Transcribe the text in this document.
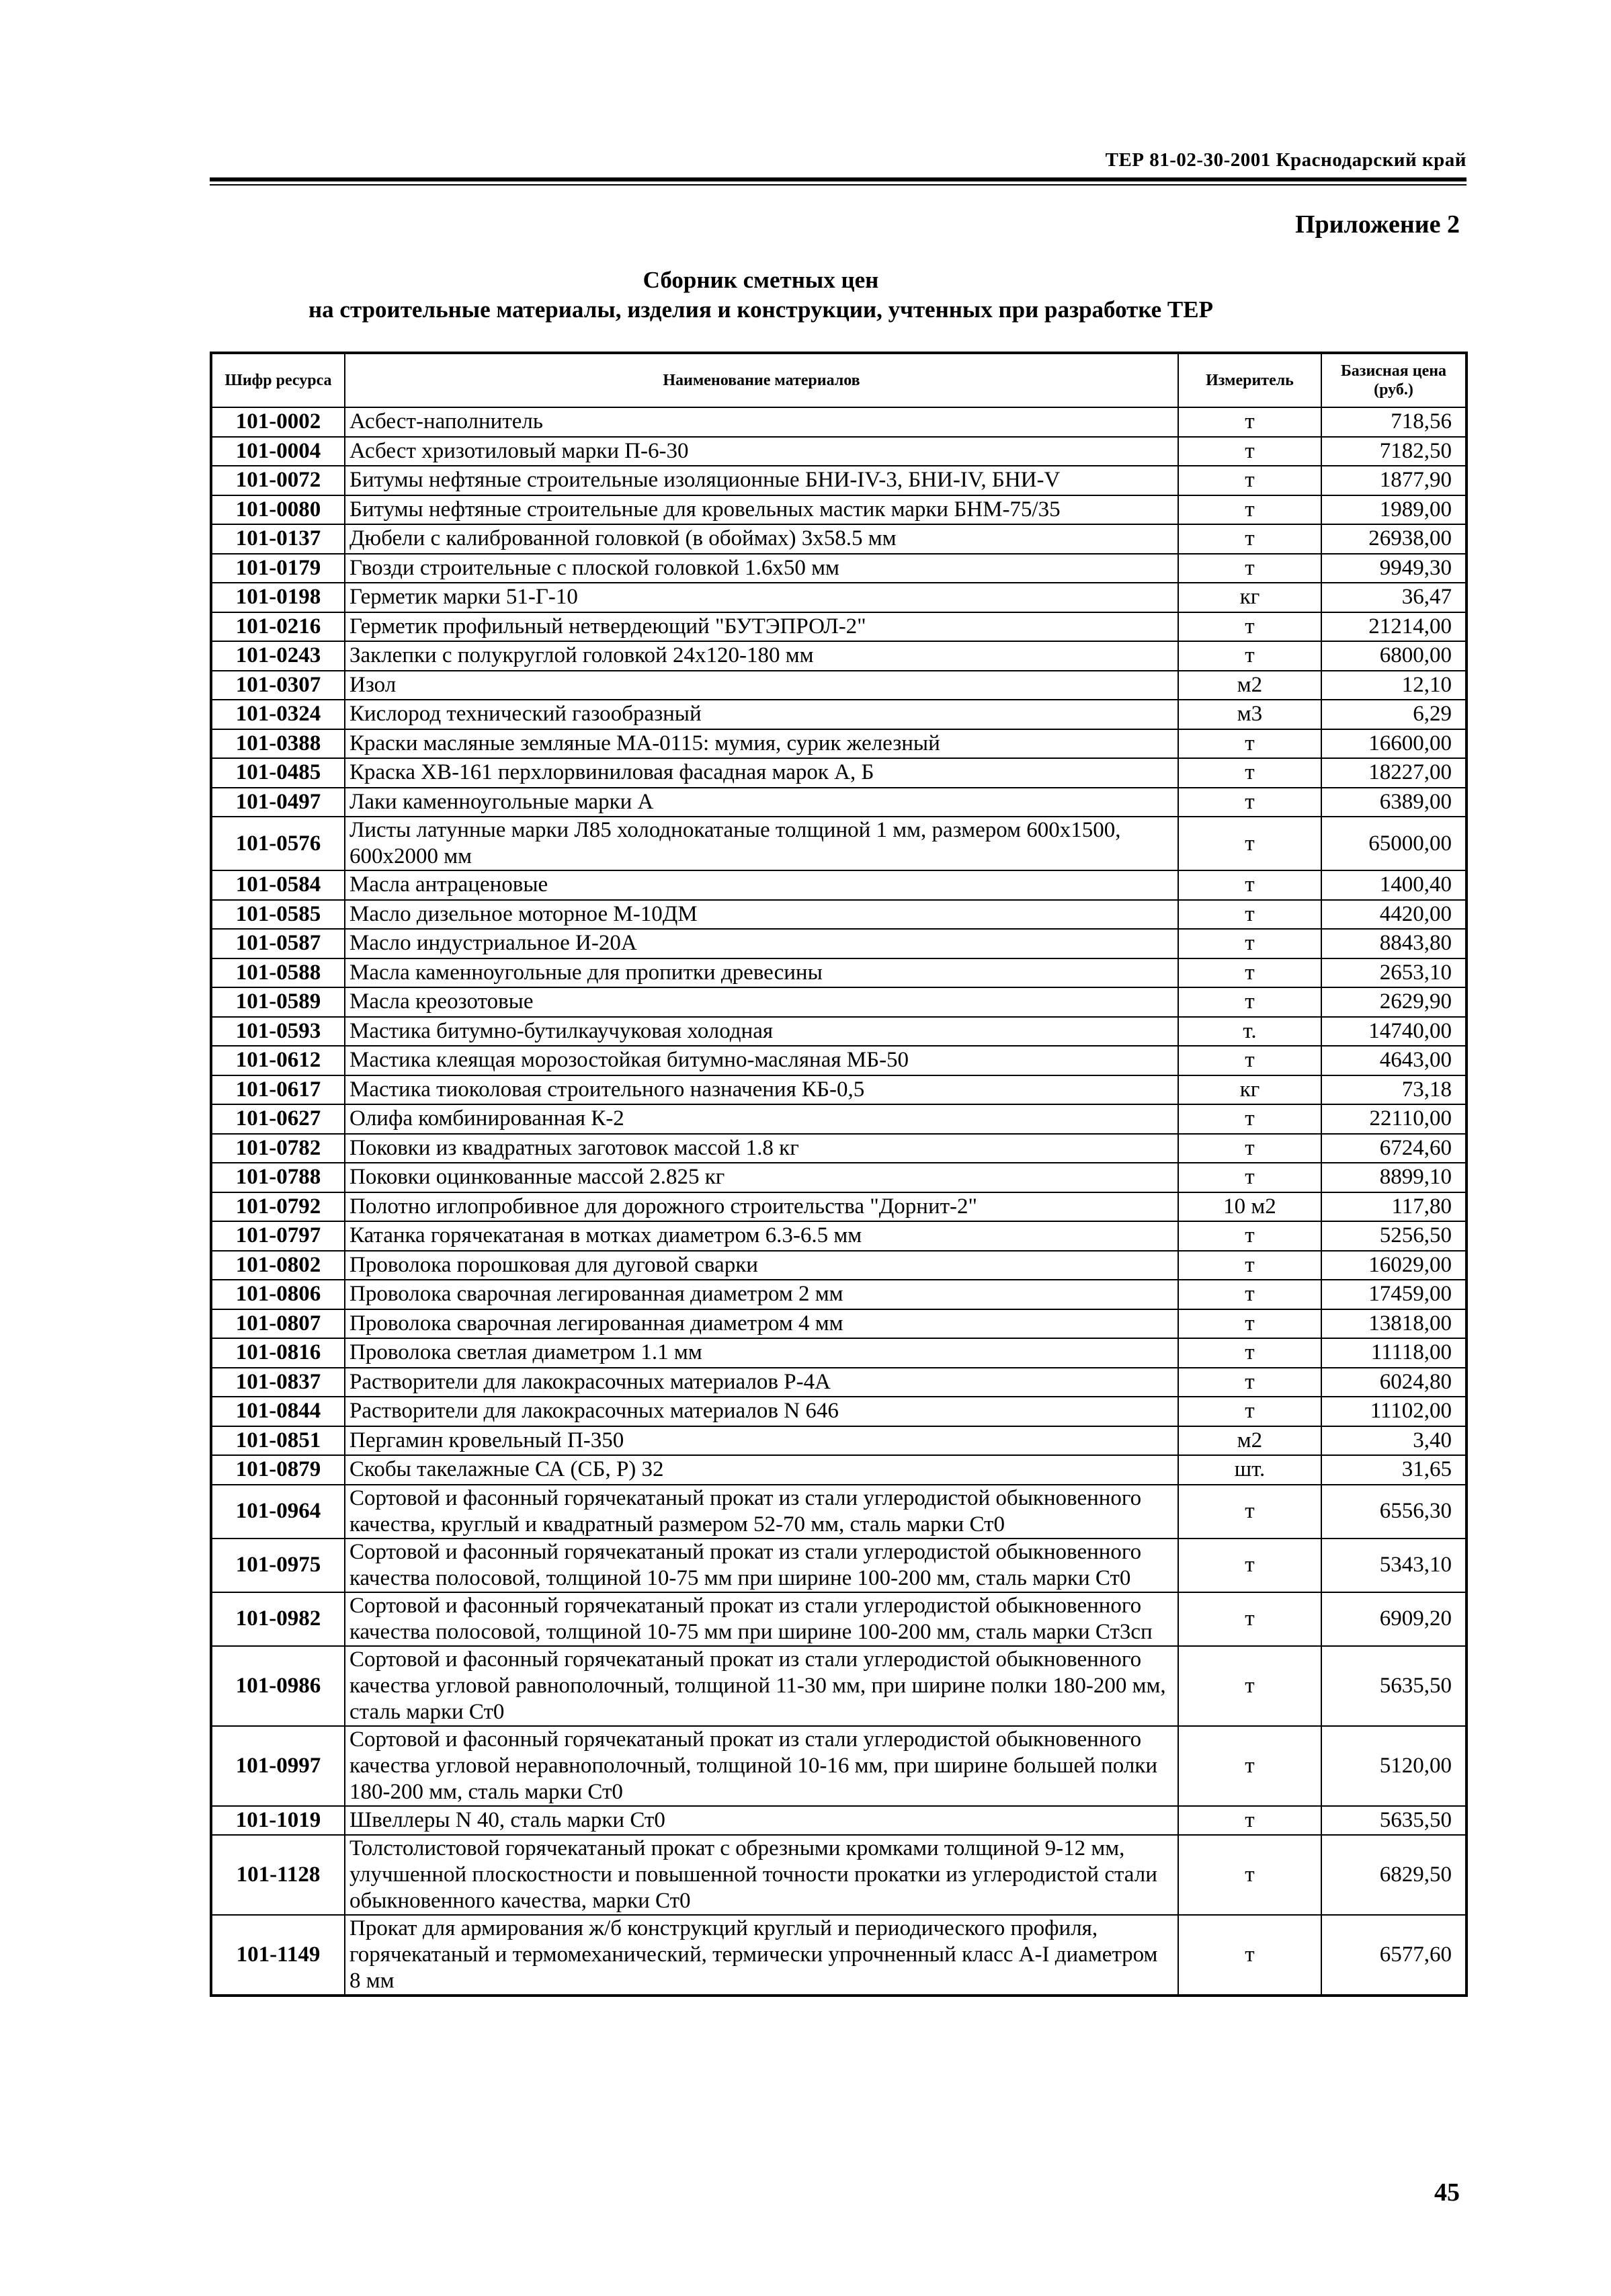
ТЕР 81-02-30-2001 Краснодарский край
Приложение 2
Сборник сметных цен
на строительные материалы, изделия и конструкции, учтенных при разработке ТЕР
Шифр ресурса	Наименование материалов	Измеритель	Базисная цена (руб.)
101-0002	Асбест-наполнитель	т	718,56
101-0004	Асбест хризотиловый марки П-6-30	т	7182,50
101-0072	Битумы нефтяные строительные изоляционные БНИ-IV-3, БНИ-IV, БНИ-V	т	1877,90
101-0080	Битумы нефтяные строительные для кровельных мастик марки БНМ-75/35	т	1989,00
101-0137	Дюбели с калиброванной головкой (в обоймах) 3х58.5 мм	т	26938,00
101-0179	Гвозди строительные с плоской головкой 1.6х50 мм	т	9949,30
101-0198	Герметик марки 51-Г-10	кг	36,47
101-0216	Герметик профильный нетвердеющий "БУТЭПРОЛ-2"	т	21214,00
101-0243	Заклепки с полукруглой головкой 24х120-180 мм	т	6800,00
101-0307	Изол	м2	12,10
101-0324	Кислород технический газообразный	м3	6,29
101-0388	Краски масляные земляные МА-0115: мумия, сурик железный	т	16600,00
101-0485	Краска ХВ-161 перхлорвиниловая фасадная марок А, Б	т	18227,00
101-0497	Лаки каменноугольные марки А	т	6389,00
101-0576	Листы латунные марки Л85 холоднокатаные толщиной 1 мм, размером 600х1500, 600х2000 мм	т	65000,00
101-0584	Масла антраценовые	т	1400,40
101-0585	Масло дизельное моторное М-10ДМ	т	4420,00
101-0587	Масло индустриальное И-20А	т	8843,80
101-0588	Масла каменноугольные для пропитки древесины	т	2653,10
101-0589	Масла креозотовые	т	2629,90
101-0593	Мастика битумно-бутилкаучуковая холодная	т.	14740,00
101-0612	Мастика клеящая морозостойкая битумно-масляная МБ-50	т	4643,00
101-0617	Мастика тиоколовая строительного назначения КБ-0,5	кг	73,18
101-0627	Олифа комбинированная К-2	т	22110,00
101-0782	Поковки из квадратных заготовок массой 1.8 кг	т	6724,60
101-0788	Поковки оцинкованные массой 2.825 кг	т	8899,10
101-0792	Полотно иглопробивное для дорожного строительства "Дорнит-2"	10 м2	117,80
101-0797	Катанка горячекатаная в мотках диаметром 6.3-6.5 мм	т	5256,50
101-0802	Проволока порошковая для дуговой сварки	т	16029,00
101-0806	Проволока сварочная легированная диаметром 2 мм	т	17459,00
101-0807	Проволока сварочная легированная диаметром 4 мм	т	13818,00
101-0816	Проволока светлая диаметром 1.1 мм	т	11118,00
101-0837	Растворители для лакокрасочных материалов Р-4А	т	6024,80
101-0844	Растворители для лакокрасочных материалов N 646	т	11102,00
101-0851	Пергамин кровельный П-350	м2	3,40
101-0879	Скобы такелажные СА (СБ, Р) 32	шт.	31,65
101-0964	Сортовой и фасонный горячекатаный прокат из стали углеродистой обыкновенного качества, круглый и квадратный размером 52-70 мм, сталь марки Ст0	т	6556,30
101-0975	Сортовой и фасонный горячекатаный прокат из стали углеродистой обыкновенного качества полосовой, толщиной 10-75 мм при ширине 100-200 мм, сталь марки Ст0	т	5343,10
101-0982	Сортовой и фасонный горячекатаный прокат из стали углеродистой обыкновенного качества полосовой, толщиной 10-75 мм при ширине 100-200 мм, сталь марки Ст3сп	т	6909,20
101-0986	Сортовой и фасонный горячекатаный прокат из стали углеродистой обыкновенного качества угловой равнополочный, толщиной 11-30 мм, при ширине полки 180-200 мм, сталь марки Ст0	т	5635,50
101-0997	Сортовой и фасонный горячекатаный прокат из стали углеродистой обыкновенного качества угловой неравнополочный, толщиной 10-16 мм, при ширине большей полки 180-200 мм, сталь марки Ст0	т	5120,00
101-1019	Швеллеры N 40, сталь марки Ст0	т	5635,50
101-1128	Толстолистовой горячекатаный прокат с обрезными кромками толщиной 9-12 мм, улучшенной плоскостности и повышенной точности прокатки из углеродистой стали обыкновенного качества, марки Ст0	т	6829,50
101-1149	Прокат для армирования ж/б конструкций круглый и периодического профиля, горячекатаный и термомеханический, термически упрочненный класс А-I диаметром 8 мм	т	6577,60
45
